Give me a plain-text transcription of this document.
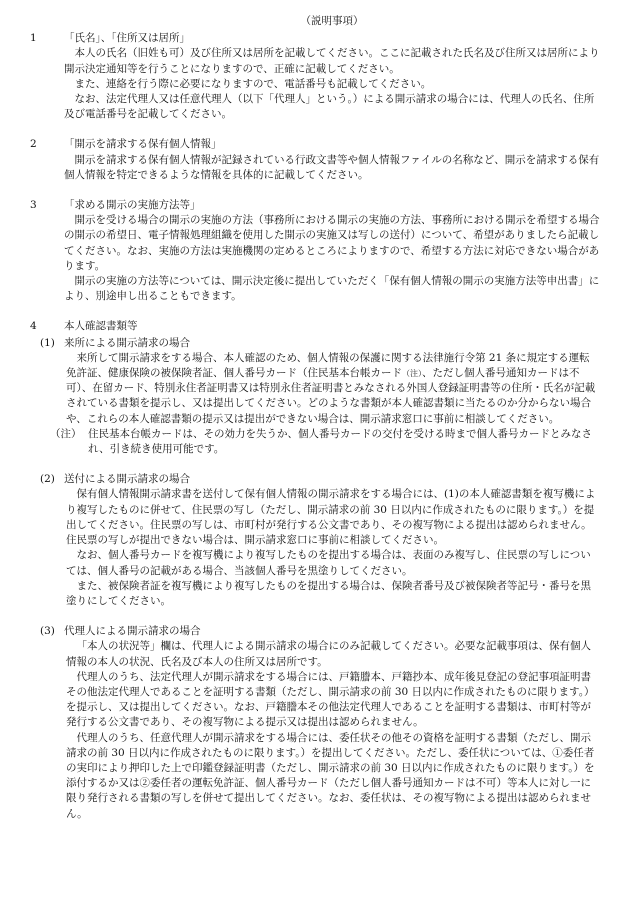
（説明事項）
1	「氏名」、「住所又は居所」

本人の氏名（旧姓も可）及び住所又は居所を記載してください。ここに記載された氏名及び住所又は居所により開示決定通知等を行うことになりますので、正確に記載してください。

また、連絡を行う際に必要になりますので、電話番号も記載してください。

なお、法定代理人又は任意代理人（以下「代理人」という。）による開示請求の場合には、代理人の氏名、住所及び電話番号を記載してください。

2	「開示を請求する保有個人情報」

開示を請求する保有個人情報が記録されている行政文書等や個人情報ファイルの名称など、開示を請求する保有個人情報を特定できるような情報を具体的に記載してください。

3	「求める開示の実施方法等」

開示を受ける場合の開示の実施の方法（事務所における開示の実施の方法、事務所における開示を希望する場合の開示の希望日、電子情報処理組織を使用した開示の実施又は写しの送付）について、希望がありましたら記載してください。なお、実施の方法は実施機関の定めるところによりますので、希望する方法に対応できない場合があります。

開示の実施の方法等については、開示決定後に提出していただく「保有個人情報の開示の実施方法等申出書」により、別途申し出ることもできます。

4	本人確認書類等
(1) 来所による開示請求の場合

来所して開示請求をする場合、本人確認のため、個人情報の保護に関する法律施行令第 21 条に規定する運転免許証、健康保険の被保険者証、個人番号カード（住民基本台帳カード（注）、ただし個人番号通知カードは不可）、在留カード、特別永住者証明書又は特別永住者証明書とみなされる外国人登録証明書等の住所・氏名が記載されている書類を提示し、又は提出してください。どのような書類が本人確認書類に当たるのか分からない場合や、これらの本人確認書類の提示又は提出ができない場合は、開示請求窓口に事前に相談してください。

（注） 住民基本台帳カードは、その効力を失うか、個人番号カードの交付を受ける時まで個人番号カードとみなされ、引き続き使用可能です。
(2) 送付による開示請求の場合

保有個人情報開示請求書を送付して保有個人情報の開示請求をする場合には、(1)の本人確認書類を複写機により複写したものに併せて、住民票の写し（ただし、開示請求の前 30 日以内に作成されたものに限ります。）を提出してください。住民票の写しは、市町村が発行する公文書であり、その複写物による提出は認められません。住民票の写しが提出できない場合は、開示請求窓口に事前に相談してください。

なお、個人番号カードを複写機により複写したものを提出する場合は、表面のみ複写し、住民票の写しについては、個人番号の記載がある場合、当該個人番号を黒塗りしてください。

また、被保険者証を複写機により複写したものを提出する場合は、保険者番号及び被保険者等記号・番号を黒塗りにしてください。

(3) 代理人による開示請求の場合

「本人の状況等」欄は、代理人による開示請求の場合にのみ記載してください。必要な記載事項は、保有個人情報の本人の状況、氏名及び本人の住所又は居所です。

代理人のうち、法定代理人が開示請求をする場合には、戸籍謄本、戸籍抄本、成年後見登記の登記事項証明書その他法定代理人であることを証明する書類（ただし、開示請求の前 30 日以内に作成されたものに限ります。）を提示し、又は提出してください。なお、戸籍謄本その他法定代理人であることを証明する書類は、市町村等が発行する公文書であり、その複写物による提示又は提出は認められません。

代理人のうち、任意代理人が開示請求をする場合には、委任状その他その資格を証明する書類（ただし、開示請求の前 30 日以内に作成されたものに限ります。）を提出してください。ただし、委任状については、①委任者の実印により押印した上で印鑑登録証明書（ただし、開示請求の前 30 日以内に作成されたものに限ります。）を添付するか又は②委任者の運転免許証、個人番号カード（ただし個人番号通知カードは不可）等本人に対し一に限り発行される書類の写しを併せて提出してください。なお、委任状は、その複写物による提出は認められません。
